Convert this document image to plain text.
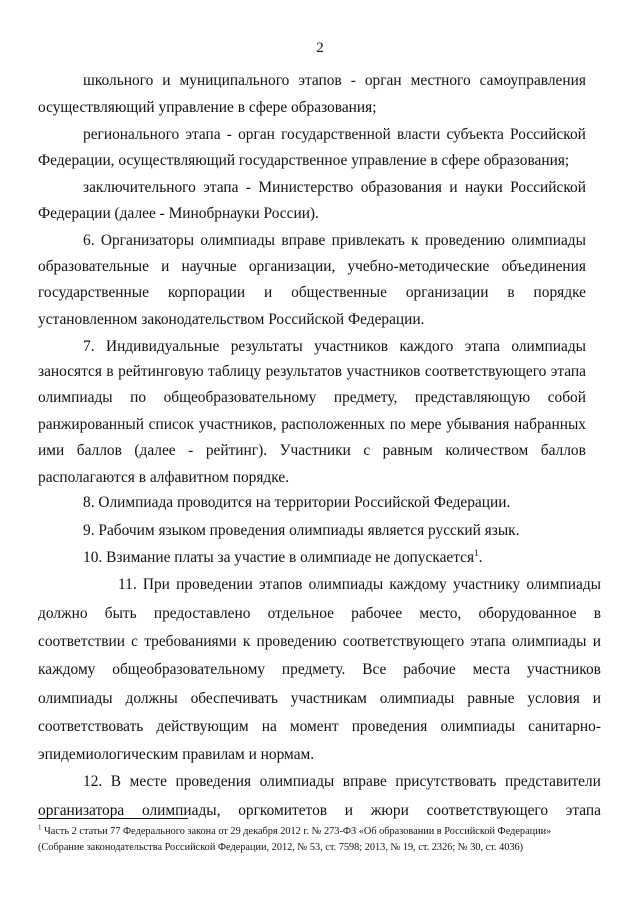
2
школьного и муниципального этапов - орган местного самоуправления
осуществляющий управление в сфере образования;
регионального этапа - орган государственной власти субъекта Российской
Федерации, осуществляющий государственное управление в сфере образования;
заключительного этапа - Министерство образования и науки Российской
Федерации (далее - Минобрнауки России).
6. Организаторы олимпиады вправе привлекать к проведению олимпиады
образовательные и научные организации, учебно-методические объединения
государственные корпорации и общественные организации в порядке
установленном законодательством Российской Федерации.
7. Индивидуальные результаты участников каждого этапа олимпиады
заносятся в рейтинговую таблицу результатов участников соответствующего этапа
олимпиады по общеобразовательному предмету, представляющую собой
ранжированный список участников, расположенных по мере убывания набранных
ими баллов (далее - рейтинг). Участники с равным количеством баллов
располагаются в алфавитном порядке.
8. Олимпиада проводится на территории Российской Федерации.
9. Рабочим языком проведения олимпиады является русский язык.
10. Взимание платы за участие в олимпиаде не допускается$^1$.
11. При проведении этапов олимпиады каждому участнику олимпиады
должно быть предоставлено отдельное рабочее место, оборудованное в
соответствии с требованиями к проведению соответствующего этапа олимпиады и
каждому общеобразовательному предмету. Все рабочие места участников
олимпиады должны обеспечивать участникам олимпиады равные условия и
соответствовать действующим на момент проведения олимпиады санитарно-
эпидемиологическим правилам и нормам.
12. В месте проведения олимпиады вправе присутствовать представители
организатора олимпиады, оргкомитетов и жюри соответствующего этапа
$^1$ Часть 2 статьи 77 Федерального закона от 29 декабря 2012 г. № 273-ФЗ «Об образовании в Российской Федерации»
(Собрание законодательства Российской Федерации, 2012, № 53, ст. 7598; 2013, № 19, ст. 2326; № 30, ст. 4036)
